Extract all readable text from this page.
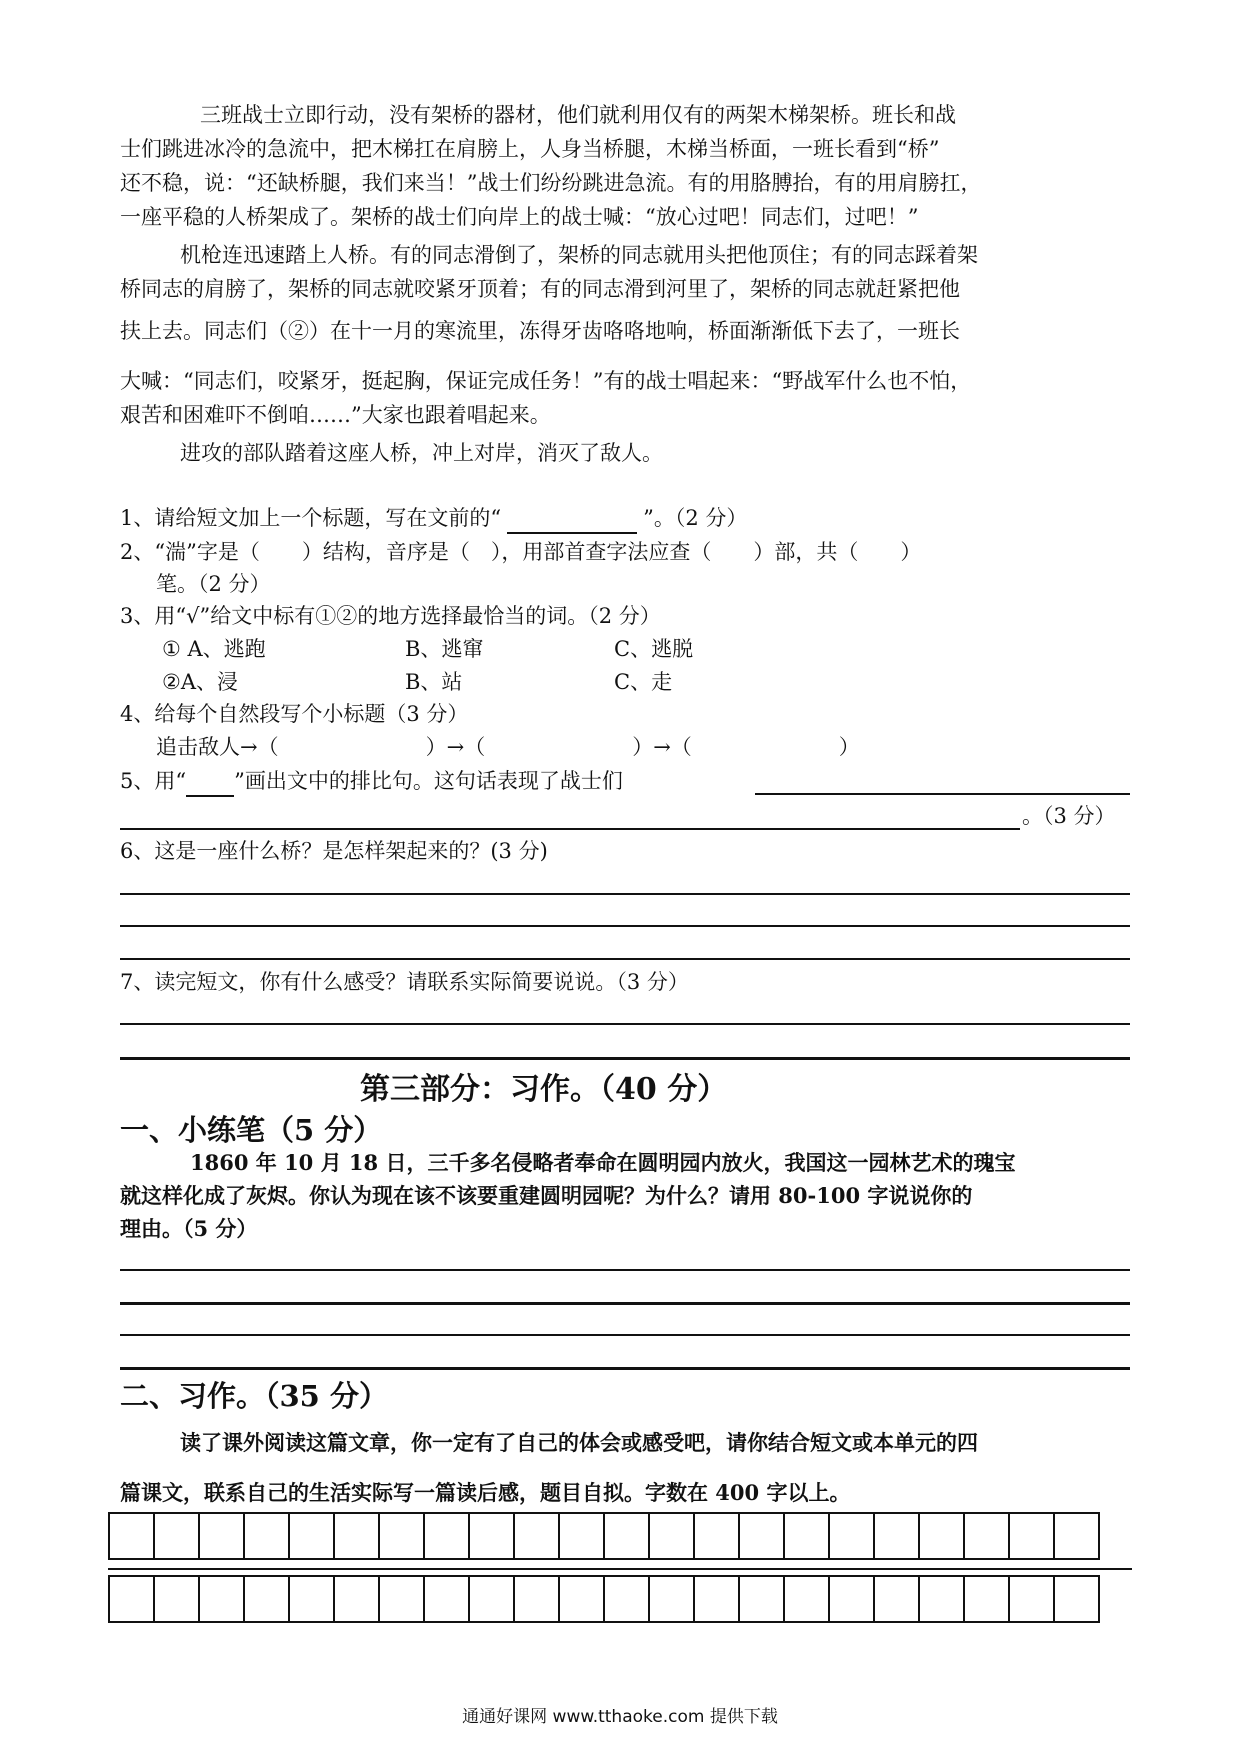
三班战士立即行动，没有架桥的器材，他们就利用仅有的两架木梯架桥。班长和战
士们跳进冰冷的急流中，把木梯扛在肩膀上，人身当桥腿，木梯当桥面，一班长看到“桥”
还不稳，说：“还缺桥腿，我们来当！”战士们纷纷跳进急流。有的用胳膊抬，有的用肩膀扛，
一座平稳的人桥架成了。架桥的战士们向岸上的战士喊：“放心过吧！同志们，过吧！”
机枪连迅速踏上人桥。有的同志滑倒了，架桥的同志就用头把他顶住；有的同志踩着架
桥同志的肩膀了，架桥的同志就咬紧牙顶着；有的同志滑到河里了，架桥的同志就赶紧把他
扶上去。同志们（②）在十一月的寒流里，冻得牙齿咯咯地响，桥面渐渐低下去了，一班长
大喊：“同志们，咬紧牙，挺起胸，保证完成任务！”有的战士唱起来：“野战军什么也不怕，
艰苦和困难吓不倒咱……”大家也跟着唱起来。
进攻的部队踏着这座人桥，冲上对岸，消灭了敌人。
1、请给短文加上一个标题，写在文前的“	”。（2 分）
2、“湍”字是（　　）结构，音序是（　），用部首查字法应查（　　）部，共（　　）
笔。（2 分）
3、用“√”给文中标有①②的地方选择最恰当的词。（2 分）
① A、逃跑	B、逃窜	C、逃脱
②A、浸	B、站	C、走
4、给每个自然段写个小标题（3 分）
追击敌人→（　　　　　　　）→（　　　　　　　）→（　　　　　　　）
5、用“ ”画出文中的排比句。这句话表现了战士们
。（3 分）
6、这是一座什么桥？是怎样架起来的？(3 分)
7、读完短文，你有什么感受？请联系实际简要说说。（3 分）
第三部分：习作。（40 分）
一、小练笔（5 分）
1860 年 10 月 18 日，三千多名侵略者奉命在圆明园内放火，我国这一园林艺术的瑰宝
就这样化成了灰烬。你认为现在该不该要重建圆明园呢？为什么？请用 80-100 字说说你的
理由。（5 分）
二、习作。（35 分）
读了课外阅读这篇文章，你一定有了自己的体会或感受吧，请你结合短文或本单元的四
篇课文，联系自己的生活实际写一篇读后感，题目自拟。字数在 400 字以上。

通通好课网 www.tthaoke.com 提供下载
